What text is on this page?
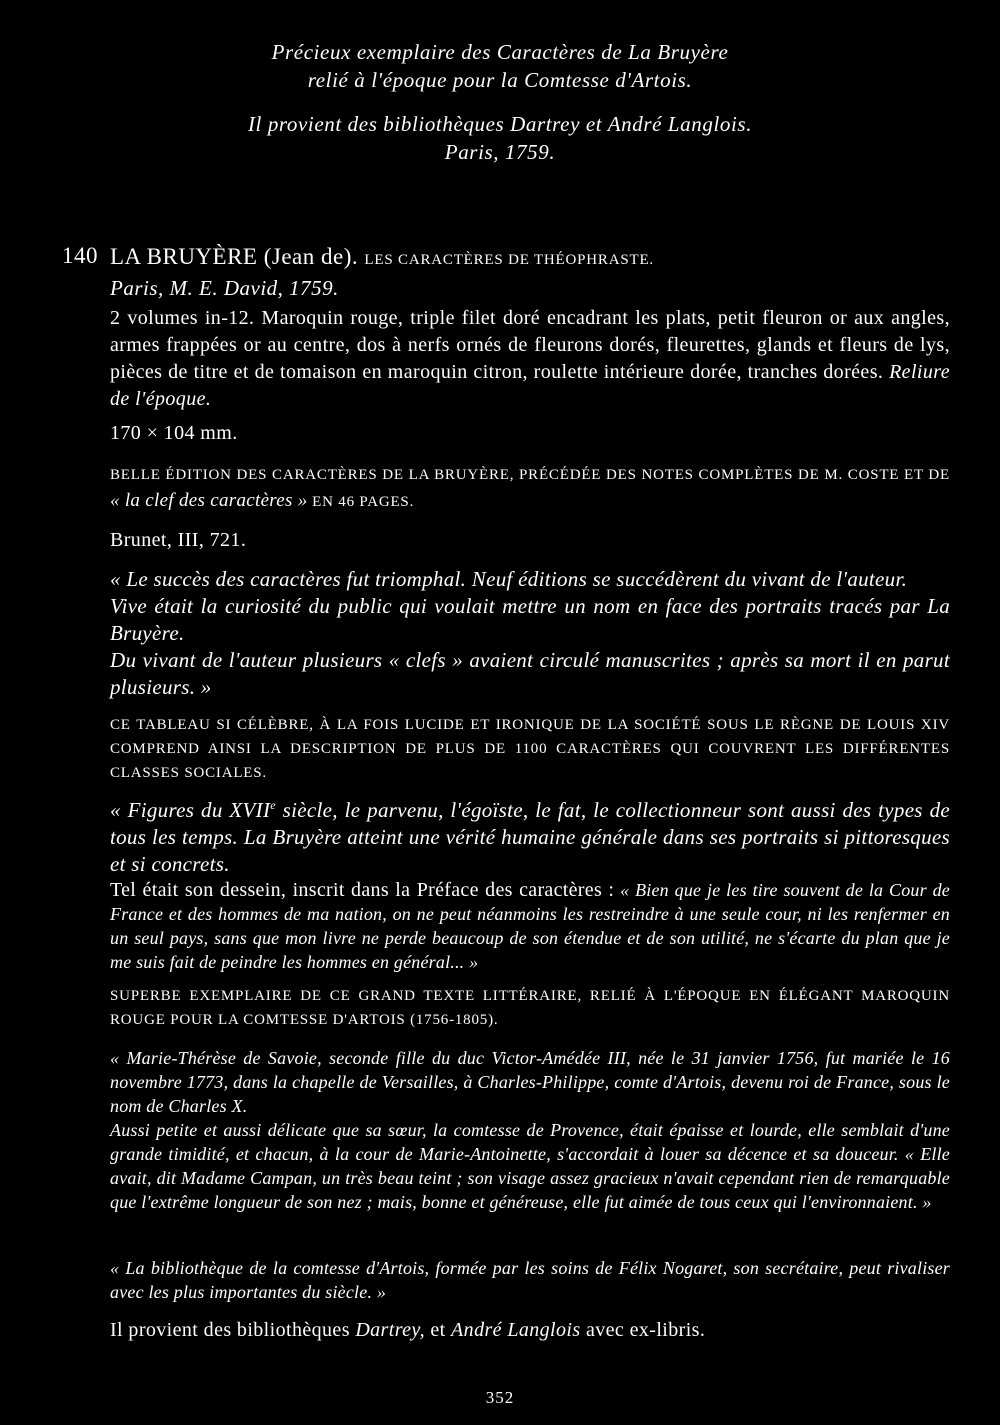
Précieux exemplaire des Caractères de La Bruyère
relié à l'époque pour la Comtesse d'Artois.
Il provient des bibliothèques Dartrey et André Langlois.
Paris, 1759.
140 LA BRUYÈRE (Jean de). LES CARACTÈRES DE THÉOPHRASTE.
Paris, M. E. David, 1759.
2 volumes in-12. Maroquin rouge, triple filet doré encadrant les plats, petit fleuron or aux angles, armes frappées or au centre, dos à nerfs ornés de fleurons dorés, fleurettes, glands et fleurs de lys, pièces de titre et de tomaison en maroquin citron, roulette intérieure dorée, tranches dorées. Reliure de l'époque.
170 × 104 mm.
BELLE ÉDITION DES CARACTÈRES DE LA BRUYÈRE, PRÉCÉDÉE DES NOTES COMPLÈTES DE M. COSTE ET DE « la clef des caractères » EN 46 PAGES.
Brunet, III, 721.

« Le succès des caractères fut triomphal. Neuf éditions se succédèrent du vivant de l'auteur.

Vive était la curiosité du public qui voulait mettre un nom en face des portraits tracés par La Bruyère.

Du vivant de l'auteur plusieurs « clefs » avaient circulé manuscrites ; après sa mort il en parut plusieurs. »

CE TABLEAU SI CÉLÈBRE, À LA FOIS LUCIDE ET IRONIQUE DE LA SOCIÉTÉ SOUS LE RÈGNE DE LOUIS XIV COMPREND AINSI LA DESCRIPTION DE PLUS DE 1100 CARACTÈRES QUI COUVRENT LES DIFFÉRENTES CLASSES SOCIALES.

« Figures du XVIIe siècle, le parvenu, l'égoïste, le fat, le collectionneur sont aussi des types de tous les temps. La Bruyère atteint une vérité humaine générale dans ses portraits si pittoresques et si concrets.

Tel était son dessein, inscrit dans la Préface des caractères : « Bien que je les tire souvent de la Cour de France et des hommes de ma nation, on ne peut néanmoins les restreindre à une seule cour, ni les renfermer en un seul pays, sans que mon livre ne perde beaucoup de son étendue et de son utilité, ne s'écarte du plan que je me suis fait de peindre les hommes en général... »

SUPERBE EXEMPLAIRE DE CE GRAND TEXTE LITTÉRAIRE, RELIÉ À L'ÉPOQUE EN ÉLÉGANT MAROQUIN ROUGE POUR LA COMTESSE D'ARTOIS (1756-1805).

« Marie-Thérèse de Savoie, seconde fille du duc Victor-Amédée III, née le 31 janvier 1756, fut mariée le 16 novembre 1773, dans la chapelle de Versailles, à Charles-Philippe, comte d'Artois, devenu roi de France, sous le nom de Charles X.

Aussi petite et aussi délicate que sa sœur, la comtesse de Provence, était épaisse et lourde, elle semblait d'une grande timidité, et chacun, à la cour de Marie-Antoinette, s'accordait à louer sa décence et sa douceur. « Elle avait, dit Madame Campan, un très beau teint ; son visage assez gracieux n'avait cependant rien de remarquable que l'extrême longueur de son nez ; mais, bonne et généreuse, elle fut aimée de tous ceux qui l'environnaient. »

« La bibliothèque de la comtesse d'Artois, formée par les soins de Félix Nogaret, son secrétaire, peut rivaliser avec les plus importantes du siècle. »

Il provient des bibliothèques Dartrey, et André Langlois avec ex-libris.
352
